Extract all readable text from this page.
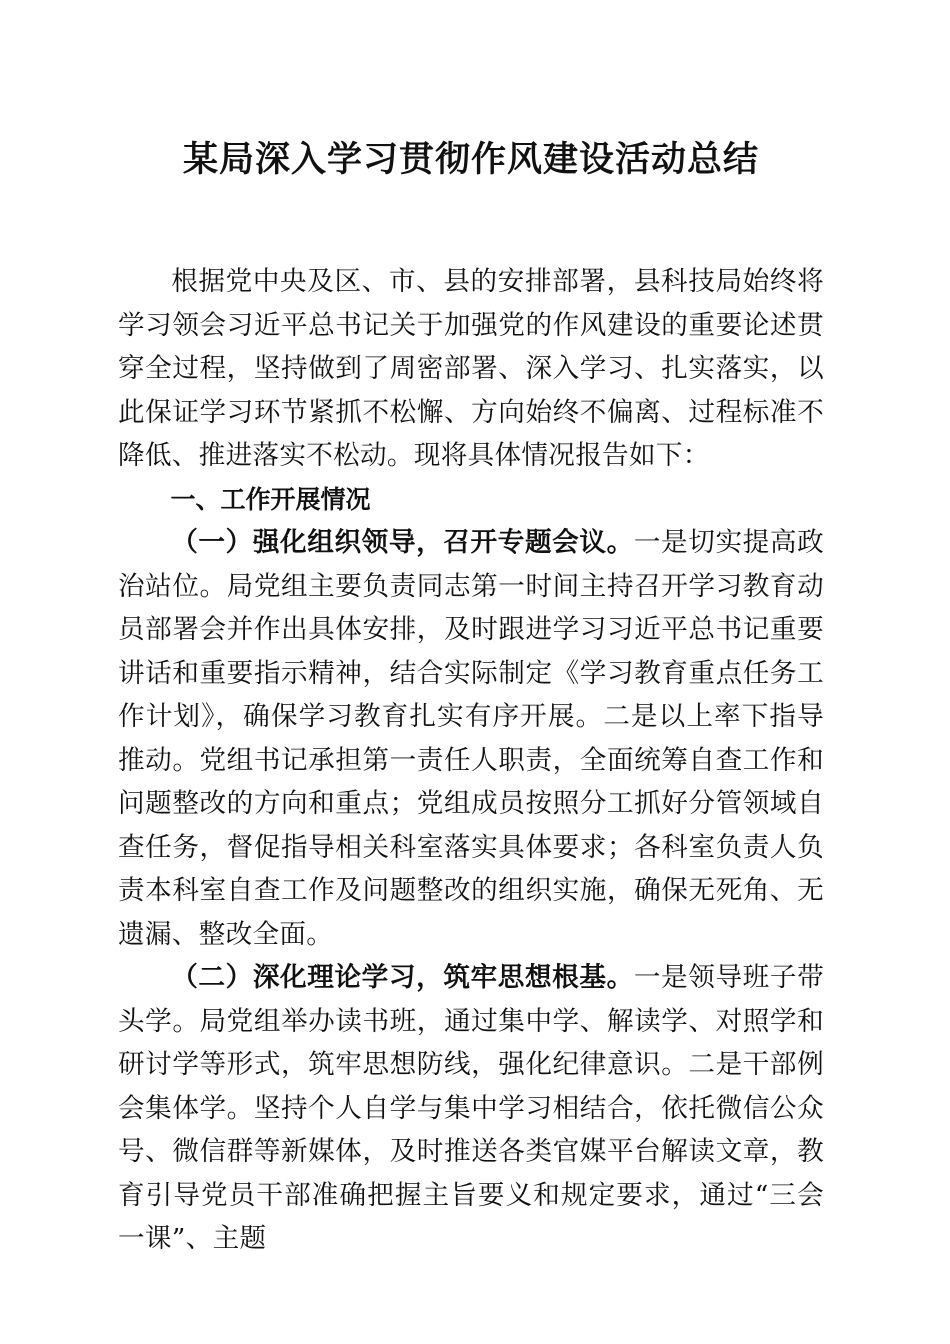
某局深入学习贯彻作风建设活动总结

根据党中央及区、市、县的安排部署，县科技局始终将学习领会习近平总书记关于加强党的作风建设的重要论述贯穿全过程，坚持做到了周密部署、深入学习、扎实落实，以此保证学习环节紧抓不松懈、方向始终不偏离、过程标准不降低、推进落实不松动。现将具体情况报告如下：

一、工作开展情况

（一）强化组织领导，召开专题会议。一是切实提高政治站位。局党组主要负责同志第一时间主持召开学习教育动员部署会并作出具体安排，及时跟进学习习近平总书记重要讲话和重要指示精神，结合实际制定《学习教育重点任务工作计划》，确保学习教育扎实有序开展。二是以上率下指导推动。党组书记承担第一责任人职责，全面统筹自查工作和问题整改的方向和重点；党组成员按照分工抓好分管领域自查任务，督促指导相关科室落实具体要求；各科室负责人负责本科室自查工作及问题整改的组织实施，确保无死角、无遗漏、整改全面。

（二）深化理论学习，筑牢思想根基。一是领导班子带头学。局党组举办读书班，通过集中学、解读学、对照学和研讨学等形式，筑牢思想防线，强化纪律意识。二是干部例会集体学。坚持个人自学与集中学习相结合，依托微信公众号、微信群等新媒体，及时推送各类官媒平台解读文章，教育引导党员干部准确把握主旨要义和规定要求，通过“三会一课”、主题
